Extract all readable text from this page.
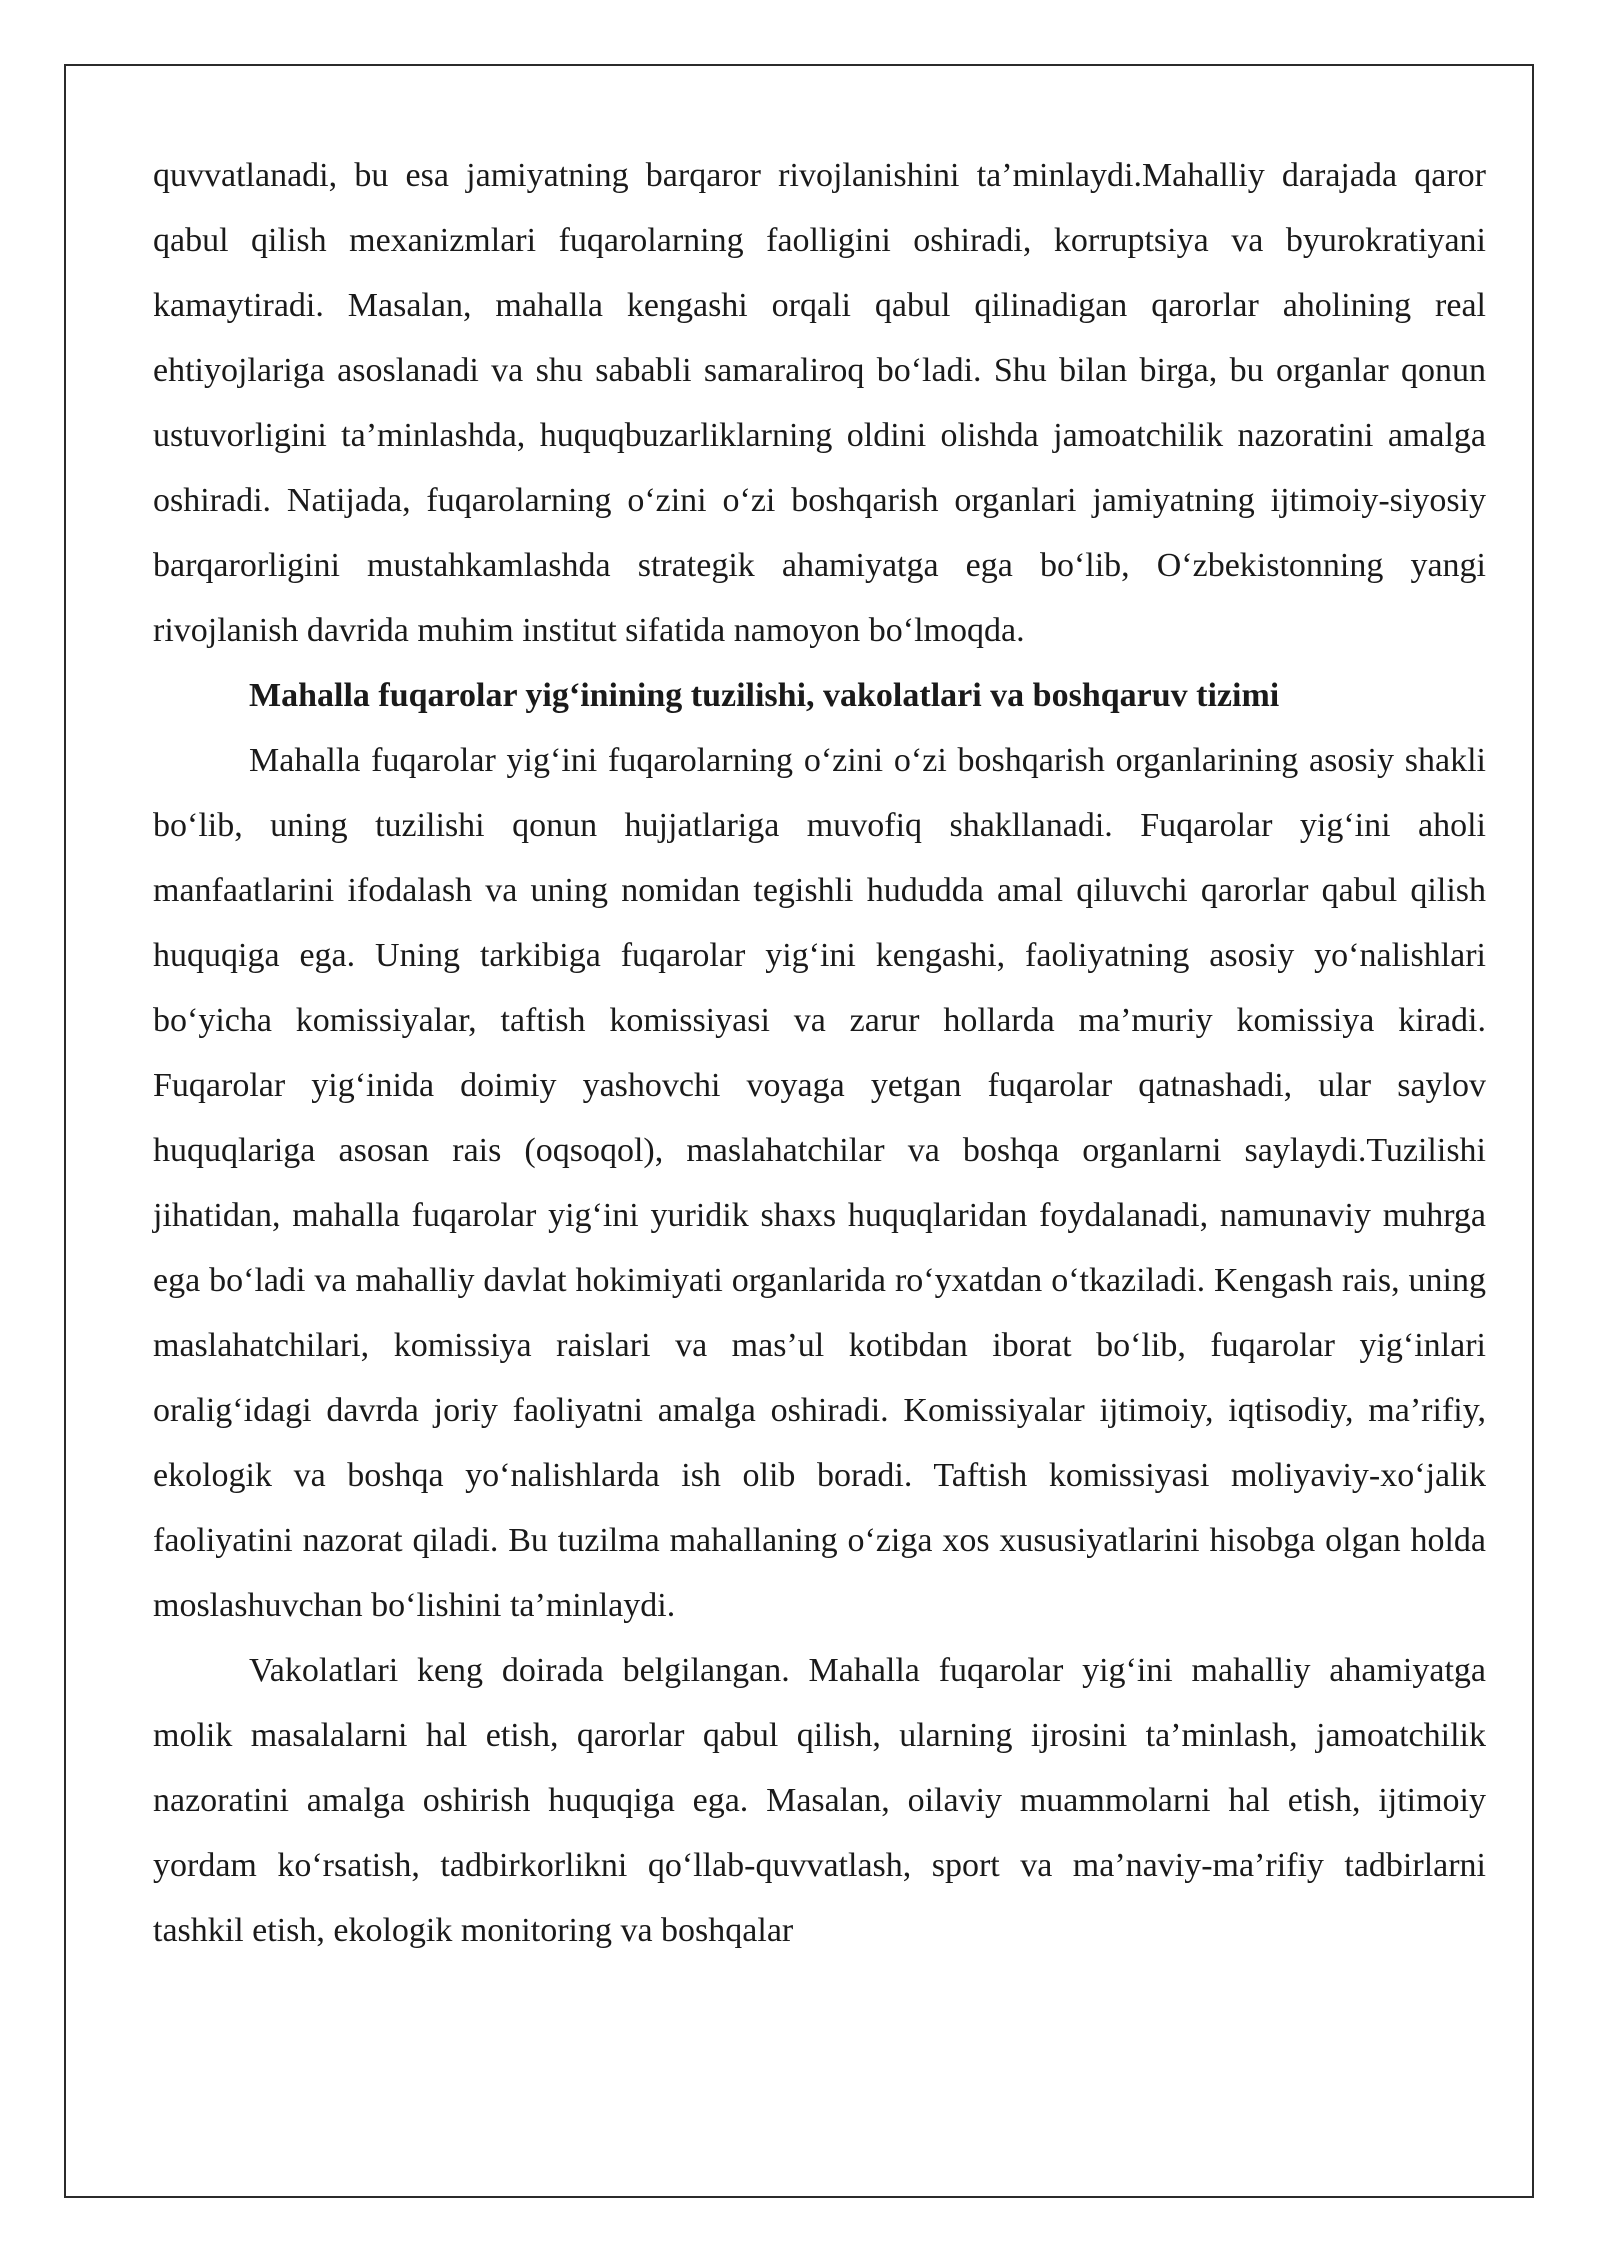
quvvatlanadi, bu esa jamiyatning barqaror rivojlanishini ta’minlaydi.Mahalliy darajada qaror qabul qilish mexanizmlari fuqarolarning faolligini oshiradi, korruptsiya va byurokratiyani kamaytiradi. Masalan, mahalla kengashi orqali qabul qilinadigan qarorlar aholining real ehtiyojlariga asoslanadi va shu sababli samaraliroq bo‘ladi. Shu bilan birga, bu organlar qonun ustuvorligini ta’minlashda, huquqbuzarliklarning oldini olishda jamoatchilik nazoratini amalga oshiradi. Natijada, fuqarolarning o‘zini o‘zi boshqarish organlari jamiyatning ijtimoiy-siyosiy barqarorligini mustahkamlashda strategik ahamiyatga ega bo‘lib, O‘zbekistonning yangi rivojlanish davrida muhim institut sifatida namoyon bo‘lmoqda.

Mahalla fuqarolar yig‘inining tuzilishi, vakolatlari va boshqaruv tizimi

Mahalla fuqarolar yig‘ini fuqarolarning o‘zini o‘zi boshqarish organlarining asosiy shakli bo‘lib, uning tuzilishi qonun hujjatlariga muvofiq shakllanadi. Fuqarolar yig‘ini aholi manfaatlarini ifodalash va uning nomidan tegishli hududda amal qiluvchi qarorlar qabul qilish huquqiga ega. Uning tarkibiga fuqarolar yig‘ini kengashi, faoliyatning asosiy yo‘nalishlari bo‘yicha komissiyalar, taftish komissiyasi va zarur hollarda ma’muriy komissiya kiradi. Fuqarolar yig‘inida doimiy yashovchi voyaga yetgan fuqarolar qatnashadi, ular saylov huquqlariga asosan rais (oqsoqol), maslahatchilar va boshqa organlarni saylaydi.Tuzilishi jihatidan, mahalla fuqarolar yig‘ini yuridik shaxs huquqlaridan foydalanadi, namunaviy muhrga ega bo‘ladi va mahalliy davlat hokimiyati organlarida ro‘yxatdan o‘tkaziladi. Kengash rais, uning maslahatchilari, komissiya raislari va mas’ul kotibdan iborat bo‘lib, fuqarolar yig‘inlari oralig‘idagi davrda joriy faoliyatni amalga oshiradi. Komissiyalar ijtimoiy, iqtisodiy, ma’rifiy, ekologik va boshqa yo‘nalishlarda ish olib boradi. Taftish komissiyasi moliyaviy-xo‘jalik faoliyatini nazorat qiladi. Bu tuzilma mahallaning o‘ziga xos xususiyatlarini hisobga olgan holda moslashuvchan bo‘lishini ta’minlaydi.

Vakolatlari keng doirada belgilangan. Mahalla fuqarolar yig‘ini mahalliy ahamiyatga molik masalalarni hal etish, qarorlar qabul qilish, ularning ijrosini ta’minlash, jamoatchilik nazoratini amalga oshirish huquqiga ega. Masalan, oilaviy muammolarni hal etish, ijtimoiy yordam ko‘rsatish, tadbirkorlikni qo‘llab-quvvatlash, sport va ma’naviy-ma’rifiy tadbirlarni tashkil etish, ekologik monitoring va boshqalar
